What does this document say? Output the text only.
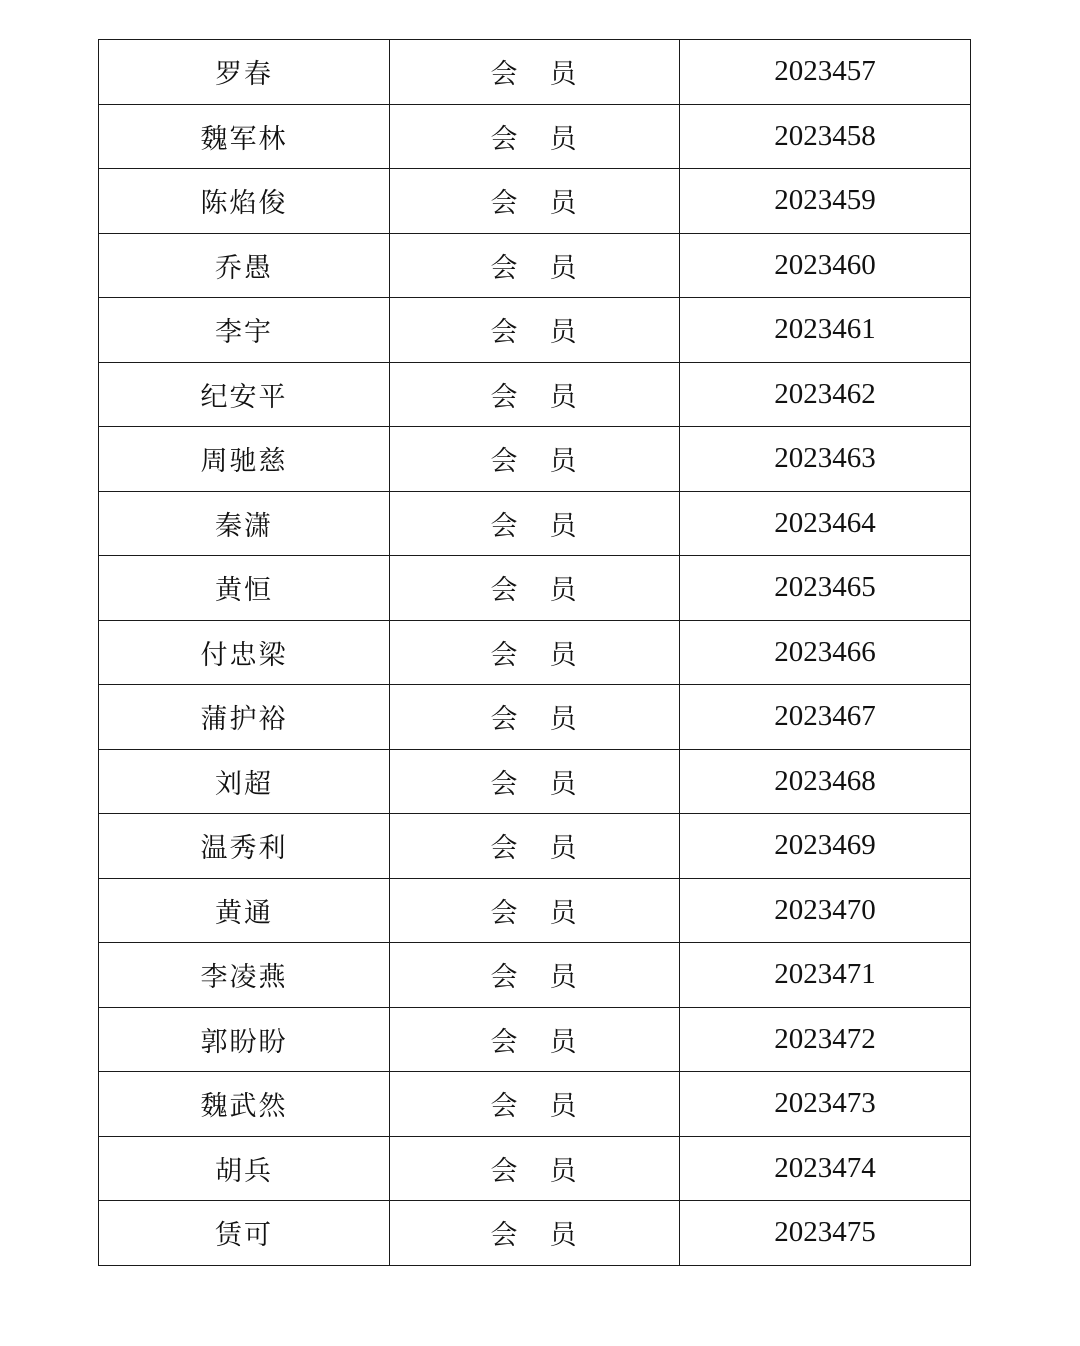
罗春	会 员	2023457
魏军林	会 员	2023458
陈焰俊	会 员	2023459
乔愚	会 员	2023460
李宇	会 员	2023461
纪安平	会 员	2023462
周驰慈	会 员	2023463
秦潇	会 员	2023464
黄恒	会 员	2023465
付忠梁	会 员	2023466
蒲护裕	会 员	2023467
刘超	会 员	2023468
温秀利	会 员	2023469
黄通	会 员	2023470
李凌燕	会 员	2023471
郭盼盼	会 员	2023472
魏武然	会 员	2023473
胡兵	会 员	2023474
赁可	会 员	2023475
